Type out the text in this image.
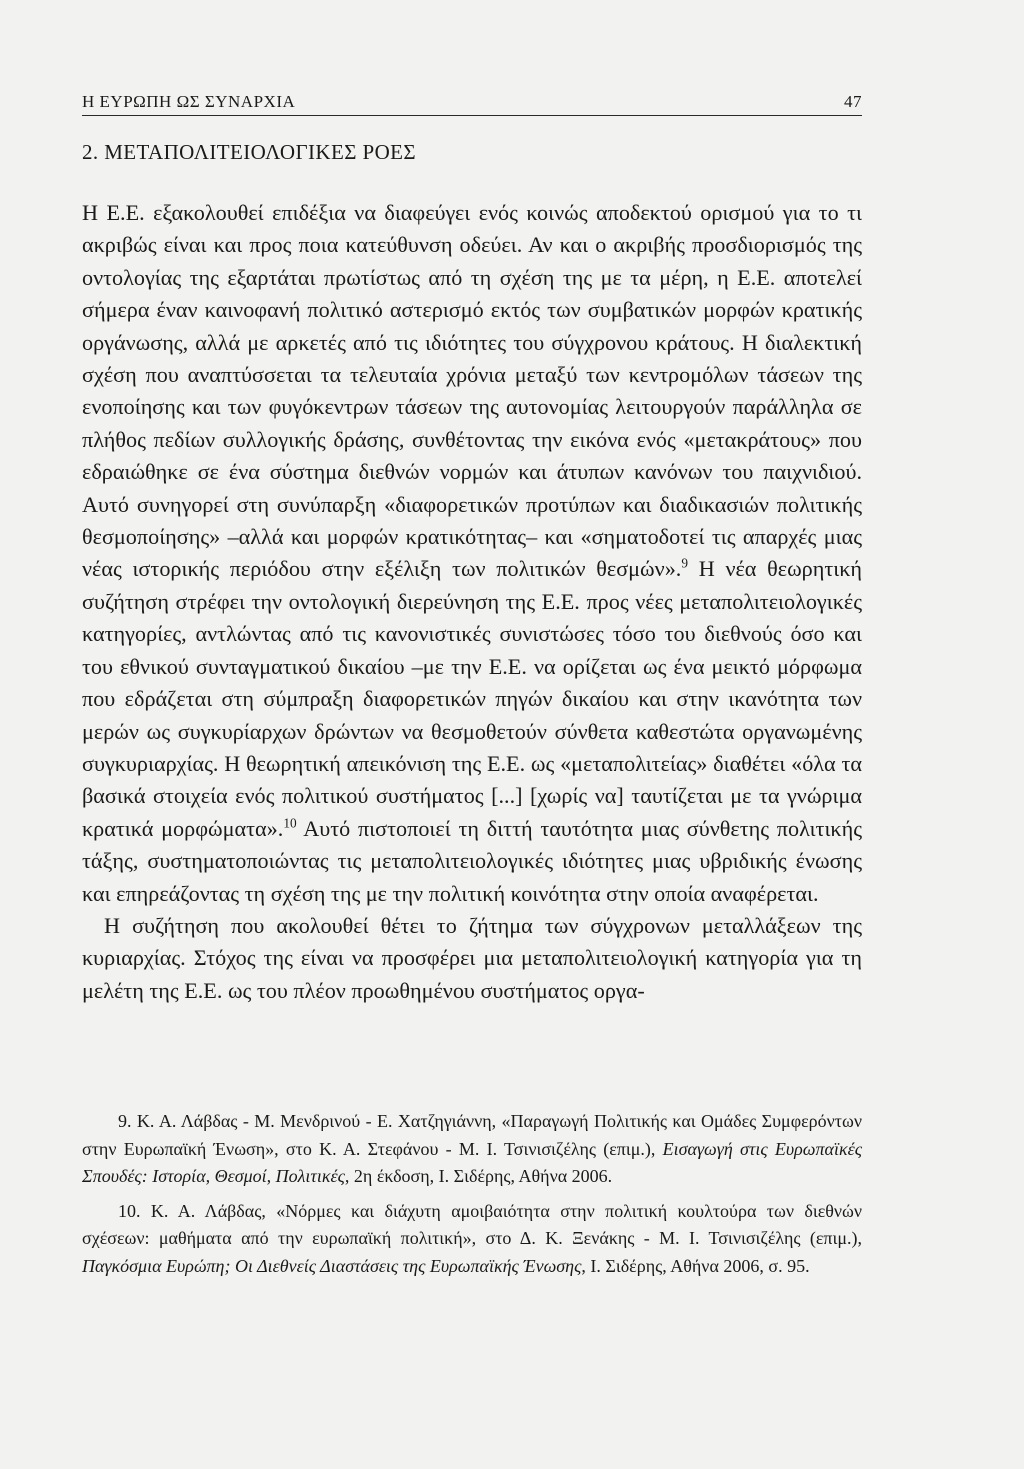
Η ΕΥΡΩΠΗ ΩΣ ΣΥΝΑΡΧΙΑ	47
2. ΜΕΤΑΠΟΛΙΤΕΙΟΛΟΓΙΚΕΣ ΡΟΕΣ

Η Ε.Ε. εξακολουθεί επιδέξια να διαφεύγει ενός κοινώς αποδεκτού ορισμού για το τι ακριβώς είναι και προς ποια κατεύθυνση οδεύει. Αν και ο ακριβής προσδιορισμός της οντολογίας της εξαρτάται πρωτίστως από τη σχέση της με τα μέρη, η Ε.Ε. αποτελεί σήμερα έναν καινοφανή πολιτικό αστερισμό εκτός των συμβατικών μορφών κρατικής οργάνωσης, αλλά με αρκετές από τις ιδιότητες του σύγχρονου κράτους. Η διαλεκτική σχέση που αναπτύσσεται τα τελευταία χρόνια μεταξύ των κεντρομόλων τάσεων της ενοποίησης και των φυγόκεντρων τάσεων της αυτονομίας λειτουργούν παράλληλα σε πλήθος πεδίων συλλογικής δράσης, συνθέτοντας την εικόνα ενός «μετακράτους» που εδραιώθηκε σε ένα σύστημα διεθνών νορμών και άτυπων κανόνων του παιχνιδιού. Αυτό συνηγορεί στη συνύπαρξη «διαφορετικών προτύπων και διαδικασιών πολιτικής θεσμοποίησης» –αλλά και μορφών κρατικότητας– και «σηματοδοτεί τις απαρχές μιας νέας ιστορικής περιόδου στην εξέλιξη των πολιτικών θεσμών».$^9$ Η νέα θεωρητική συζήτηση στρέφει την οντολογική διερεύνηση της Ε.Ε. προς νέες μεταπολιτειολογικές κατηγορίες, αντλώντας από τις κανονιστικές συνιστώσες τόσο του διεθνούς όσο και του εθνικού συνταγματικού δικαίου –με την Ε.Ε. να ορίζεται ως ένα μεικτό μόρφωμα που εδράζεται στη σύμπραξη διαφορετικών πηγών δικαίου και στην ικανότητα των μερών ως συγκυρίαρχων δρώντων να θεσμοθετούν σύνθετα καθεστώτα οργανωμένης συγκυριαρχίας. Η θεωρητική απεικόνιση της Ε.Ε. ως «μεταπολιτείας» διαθέτει «όλα τα βασικά στοιχεία ενός πολιτικού συστήματος [...] [χωρίς να] ταυτίζεται με τα γνώριμα κρατικά μορφώματα».$^{10}$ Αυτό πιστοποιεί τη διττή ταυτότητα μιας σύνθετης πολιτικής τάξης, συστηματοποιώντας τις μεταπολιτειολογικές ιδιότητες μιας υβριδικής ένωσης και επηρεάζοντας τη σχέση της με την πολιτική κοινότητα στην οποία αναφέρεται.

Η συζήτηση που ακολουθεί θέτει το ζήτημα των σύγχρονων μεταλλάξεων της κυριαρχίας. Στόχος της είναι να προσφέρει μια μεταπολιτειολογική κατηγορία για τη μελέτη της Ε.Ε. ως του πλέον προωθημένου συστήματος οργα-

9. Κ. Α. Λάβδας - Μ. Μενδρινού - Ε. Χατζηγιάννη, «Παραγωγή Πολιτικής και Ομάδες Συμφερόντων στην Ευρωπαϊκή Ένωση», στο Κ. Α. Στεφάνου - Μ. Ι. Τσινισιζέλης (επιμ.), Εισαγωγή στις Ευρωπαϊκές Σπουδές: Ιστορία, Θεσμοί, Πολιτικές, 2η έκδοση, Ι. Σιδέρης, Αθήνα 2006.

10. Κ. Α. Λάβδας, «Νόρμες και διάχυτη αμοιβαιότητα στην πολιτική κουλτούρα των διεθνών σχέσεων: μαθήματα από την ευρωπαϊκή πολιτική», στο Δ. Κ. Ξενάκης - Μ. Ι. Τσινισιζέλης (επιμ.), Παγκόσμια Ευρώπη; Οι Διεθνείς Διαστάσεις της Ευρωπαϊκής Ένωσης, Ι. Σιδέρης, Αθήνα 2006, σ. 95.
